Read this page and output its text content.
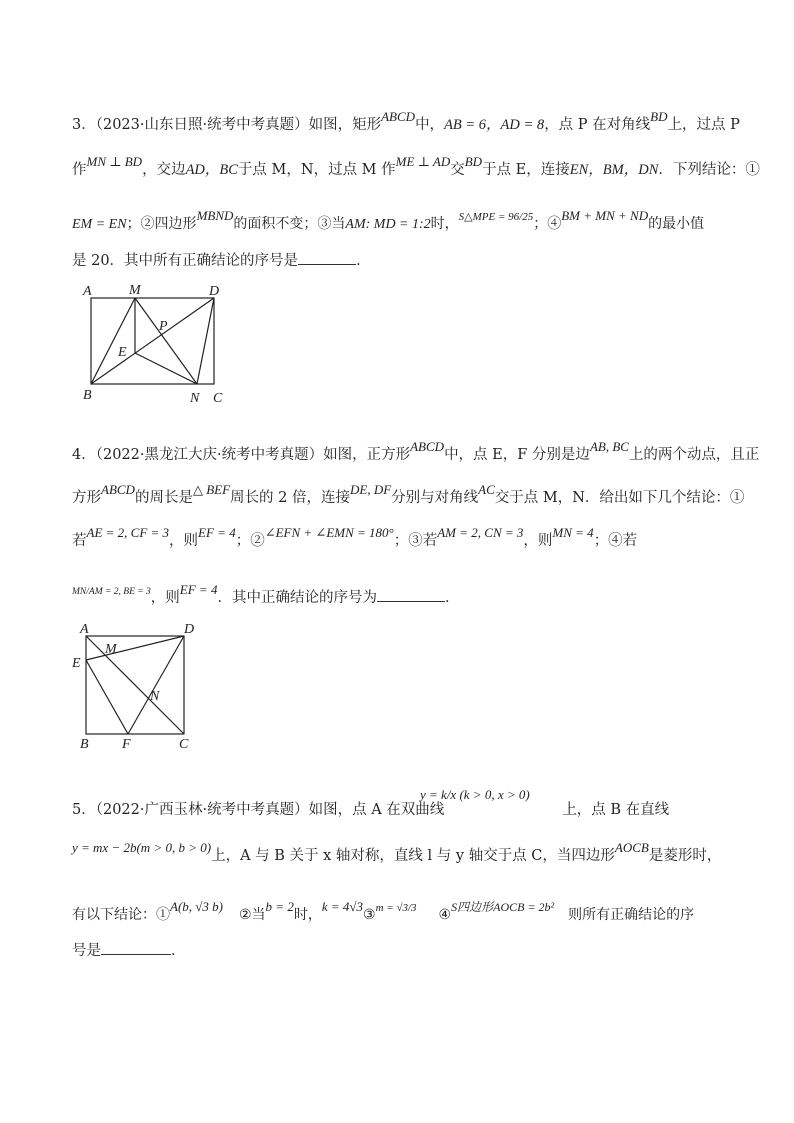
3．（2023·山东日照·统考中考真题）如图，矩形ABCD中，AB = 6，AD = 8，点 P 在对角线BD上，过点 P
作MN ⊥ BD，交边AD，BC于点 M，N，过点 M 作ME ⊥ AD交BD于点 E，连接EN，BM，DN．下列结论：①
EM = EN；②四边形MBND的面积不变；③当AM: MD = 1:2时，$^{S\triangle MPE = 96/25}$；④BM + MN + ND的最小值
是 20．其中所有正确结论的序号是	．
A	M	D
P
E
B	N C
4．（2022·黑龙江大庆·统考中考真题）如图，正方形ABCD中，点 E，F 分别是边AB, BC上的两个动点，且正
方形ABCD的周长是△ BEF周长的 2 倍，连接DE, DF分别与对角线AC交于点 M，N．给出如下几个结论：①
若AE = 2, CF = 3，则EF = 4；②∠EFN + ∠EMN = 180°；③若AM = 2, CN = 3，则MN = 4；④若
$^{MN/AM = 2, BE = 3}$，则EF = 4．其中正确结论的序号为	．
A	D
M
E
N
B F	C
y = k/x (k > 0, x > 0)
5．（2022·广西玉林·统考中考真题）如图，点 A 在双曲线	上，点 B 在直线
y = mx − 2b(m > 0, b > 0)上，A 与 B 关于 x 轴对称，直线 l 与 y 轴交于点 C，当四边形AOCB是菱形时，
有以下结论：①A(b, √3 b)②当b = 2时，k = 4√3③$^{m = √3/3}$ ④S四边形AOCB = 2b² 则所有正确结论的序
号是	．
